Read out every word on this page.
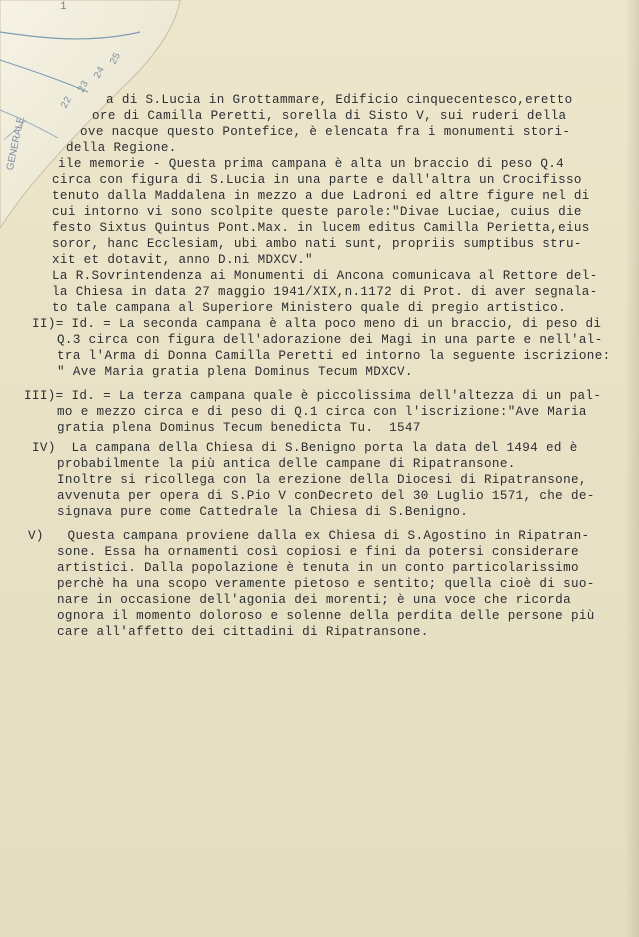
1
22
23
24
25
GENERALE
a di S.Lucia in Grottammare, Edificio cinquecentesco,eretto
ore di Camilla Peretti, sorella di Sisto V, sui ruderi della
ove nacque questo Pontefice, è elencata fra i monumenti stori-
della Regione.
ile memorie - Questa prima campana è alta un braccio di peso Q.4
circa con figura di S.Lucia in una parte e dall'altra un Crocifisso
tenuto dalla Maddalena in mezzo a due Ladroni ed altre figure nel di
cui intorno vi sono scolpite queste parole:"Divae Luciae, cuius die
festo Sixtus Quintus Pont.Max. in lucem editus Camilla Perietta,eius
soror, hanc Ecclesiam, ubi ambo nati sunt, propriis sumptibus stru-
xit et dotavit, anno D.ni MDXCV."
La R.Sovrintendenza ai Monumenti di Ancona comunicava al Rettore del-
la Chiesa in data 27 maggio 1941/XIX,n.1172 di Prot. di aver segnala-
to tale campana al Superiore Ministero quale di pregio artistico.
II)= Id. = La seconda campana è alta poco meno di un braccio, di peso di
Q.3 circa con figura dell'adorazione dei Magi in una parte e nell'al-
tra l'Arma di Donna Camilla Peretti ed intorno la seguente iscrizione:
" Ave Maria gratia plena Dominus Tecum MDXCV.
III)= Id. = La terza campana quale è piccolissima dell'altezza di un pal-
mo e mezzo circa e di peso di Q.1 circa con l'iscrizione:"Ave Maria
gratia plena Dominus Tecum benedicta Tu.  1547
IV)  La campana della Chiesa di S.Benigno porta la data del 1494 ed è
probabilmente la più antica delle campane di Ripatransone.
Inoltre si ricollega con la erezione della Diocesi di Ripatransone,
avvenuta per opera di S.Pio V conDecreto del 30 Luglio 1571, che de-
signava pure come Cattedrale la Chiesa di S.Benigno.
V)   Questa campana proviene dalla ex Chiesa di S.Agostino in Ripatran-
sone. Essa ha ornamenti così copiosi e fini da potersi considerare
artistici. Dalla popolazione è tenuta in un conto particolarissimo
perchè ha una scopo veramente pietoso e sentito; quella cioè di suo-
nare in occasione dell'agonia dei morenti; è una voce che ricorda
ognora il momento doloroso e solenne della perdita delle persone più
care all'affetto dei cittadini di Ripatransone.
